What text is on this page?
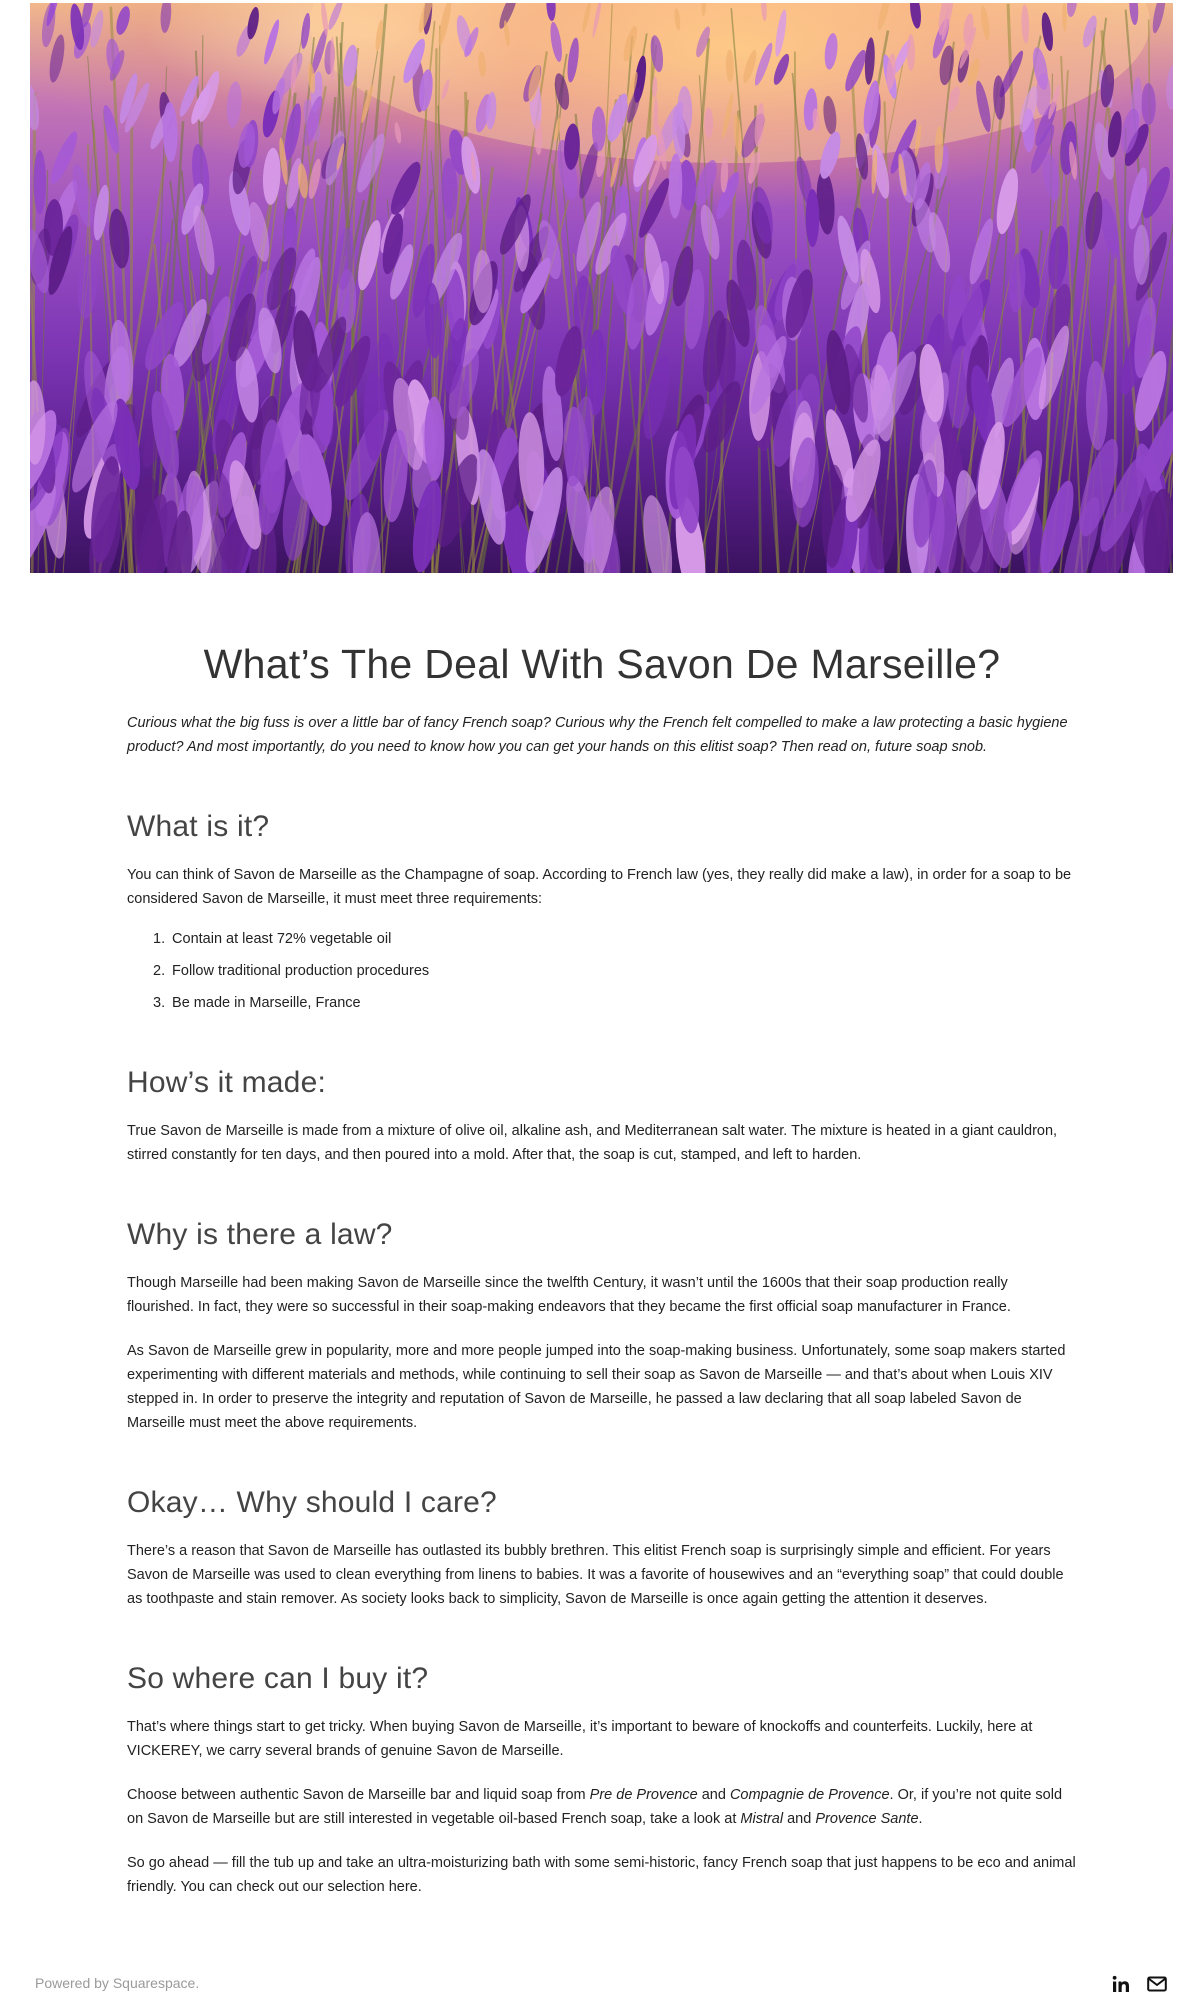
What’s The Deal With Savon De Marseille?

Curious what the big fuss is over a little bar of fancy French soap? Curious why the French felt compelled to make a law protecting a basic hygiene product? And most importantly, do you need to know how you can get your hands on this elitist soap? Then read on, future soap snob.

What is it?

You can think of Savon de Marseille as the Champagne of soap. According to French law (yes, they really did make a law), in order for a soap to be considered Savon de Marseille, it must meet three requirements:

1.
Contain at least 72% vegetable oil
2.
Follow traditional production procedures
3.
Be made in Marseille, France
How’s it made:

True Savon de Marseille is made from a mixture of olive oil, alkaline ash, and Mediterranean salt water. The mixture is heated in a giant cauldron, stirred constantly for ten days, and then poured into a mold. After that, the soap is cut, stamped, and left to harden.

Why is there a law?

Though Marseille had been making Savon de Marseille since the twelfth Century, it wasn’t until the 1600s that their soap production really flourished. In fact, they were so successful in their soap-making endeavors that they became the first official soap manufacturer in France.

As Savon de Marseille grew in popularity, more and more people jumped into the soap-making business. Unfortunately, some soap makers started experimenting with different materials and methods, while continuing to sell their soap as Savon de Marseille — and that’s about when Louis XIV stepped in. In order to preserve the integrity and reputation of Savon de Marseille, he passed a law declaring that all soap labeled Savon de Marseille must meet the above requirements.

Okay… Why should I care?

There’s a reason that Savon de Marseille has outlasted its bubbly brethren. This elitist French soap is surprisingly simple and efficient. For years Savon de Marseille was used to clean everything from linens to babies. It was a favorite of housewives and an “everything soap” that could double as toothpaste and stain remover. As society looks back to simplicity, Savon de Marseille is once again getting the attention it deserves.

So where can I buy it?

That’s where things start to get tricky. When buying Savon de Marseille, it’s important to beware of knockoffs and counterfeits. Luckily, here at VICKEREY, we carry several brands of genuine Savon de Marseille.

Choose between authentic Savon de Marseille bar and liquid soap from Pre de Provence and Compagnie de Provence. Or, if you’re not quite sold on Savon de Marseille but are still interested in vegetable oil-based French soap, take a look at Mistral and Provence Sante.

So go ahead — fill the tub up and take an ultra-moisturizing bath with some semi-historic, fancy French soap that just happens to be eco and animal friendly. You can check out our selection here.

Powered by Squarespace.
